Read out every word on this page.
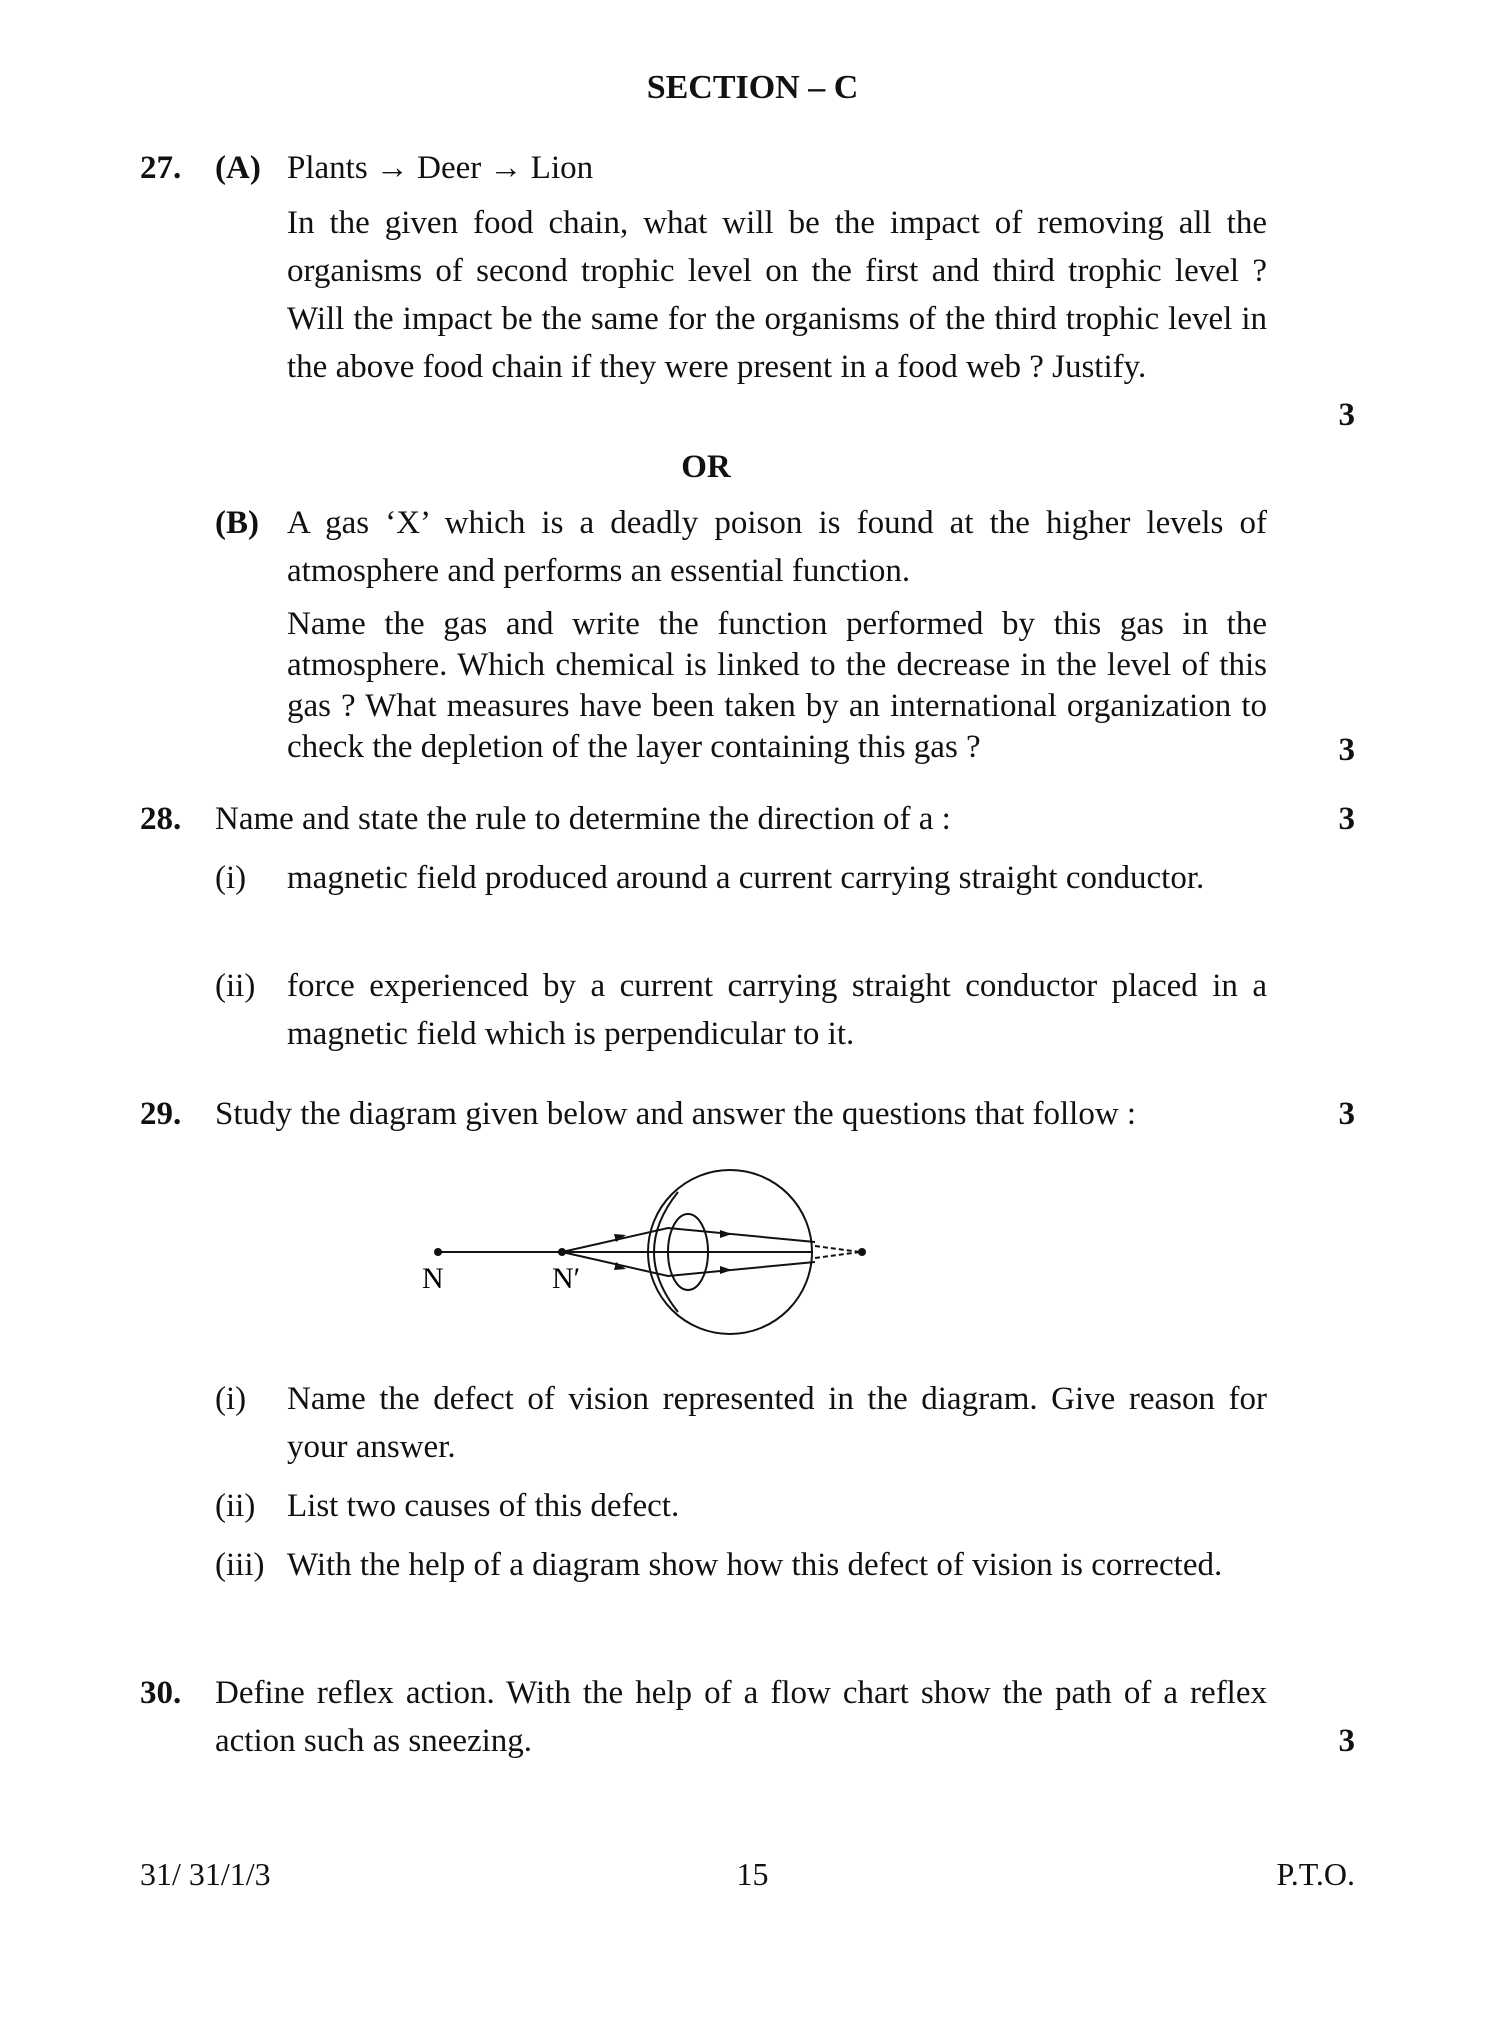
SECTION – C
27. (A) Plants → Deer → Lion
In the given food chain, what will be the impact of removing all the organisms of second trophic level on the first and third trophic level ? Will the impact be the same for the organisms of the third trophic level in the above food chain if they were present in a food web ? Justify.
3
OR
(B) A gas ‘X’ which is a deadly poison is found at the higher levels of atmosphere and performs an essential function.
Name the gas and write the function performed by this gas in the atmosphere. Which chemical is linked to the decrease in the level of this gas ? What measures have been taken by an international organization to check the depletion of the layer containing this gas ?	3
28. Name and state the rule to determine the direction of a :	3
(i) magnetic field produced around a current carrying straight conductor.
(ii) force experienced by a current carrying straight conductor placed in a magnetic field which is perpendicular to it.
29. Study the diagram given below and answer the questions that follow :	3
N	N′
(i) Name the defect of vision represented in the diagram. Give reason for your answer.
(ii) List two causes of this defect.
(iii) With the help of a diagram show how this defect of vision is corrected.
30. Define reflex action. With the help of a flow chart show the path of a reflex action such as sneezing.	3
31/ 31/1/3	15	P.T.O.
